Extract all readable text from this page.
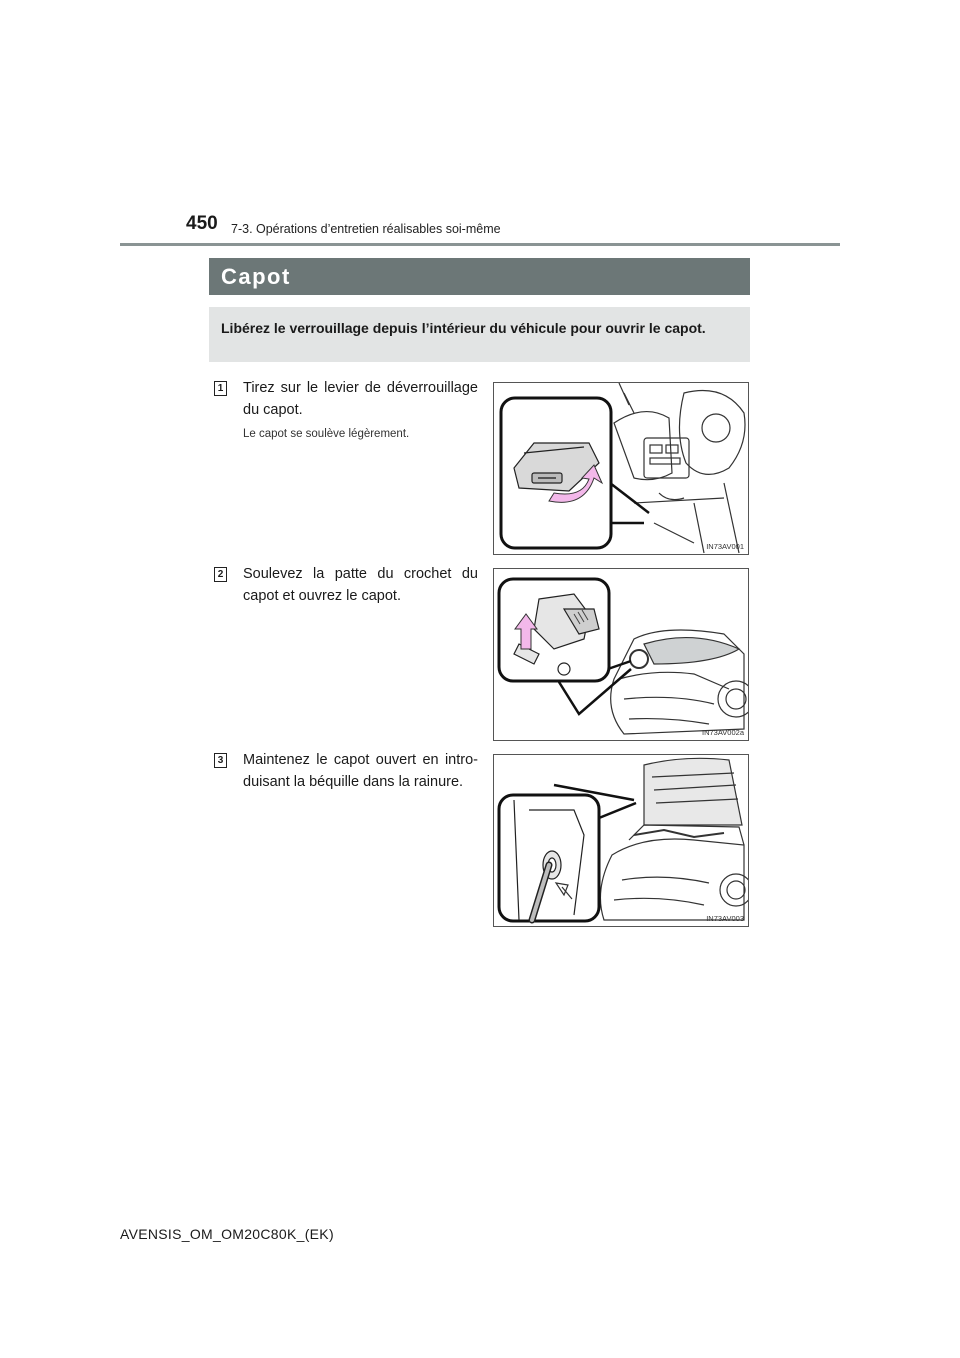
450 7-3. Opérations d’entretien réalisables soi-même
Capot
Libérez le verrouillage depuis l’intérieur du véhicule pour ouvrir le capot.
1 Tirez sur le levier de déverrouillage du capot.
Le capot se soulève légèrement.
IN73AV001
2 Soulevez la patte du crochet du capot et ouvrez le capot.
IN73AV002a
3 Maintenez le capot ouvert en intro-duisant la béquille dans la rainure.
IN73AV003
AVENSIS_OM_OM20C80K_(EK)
